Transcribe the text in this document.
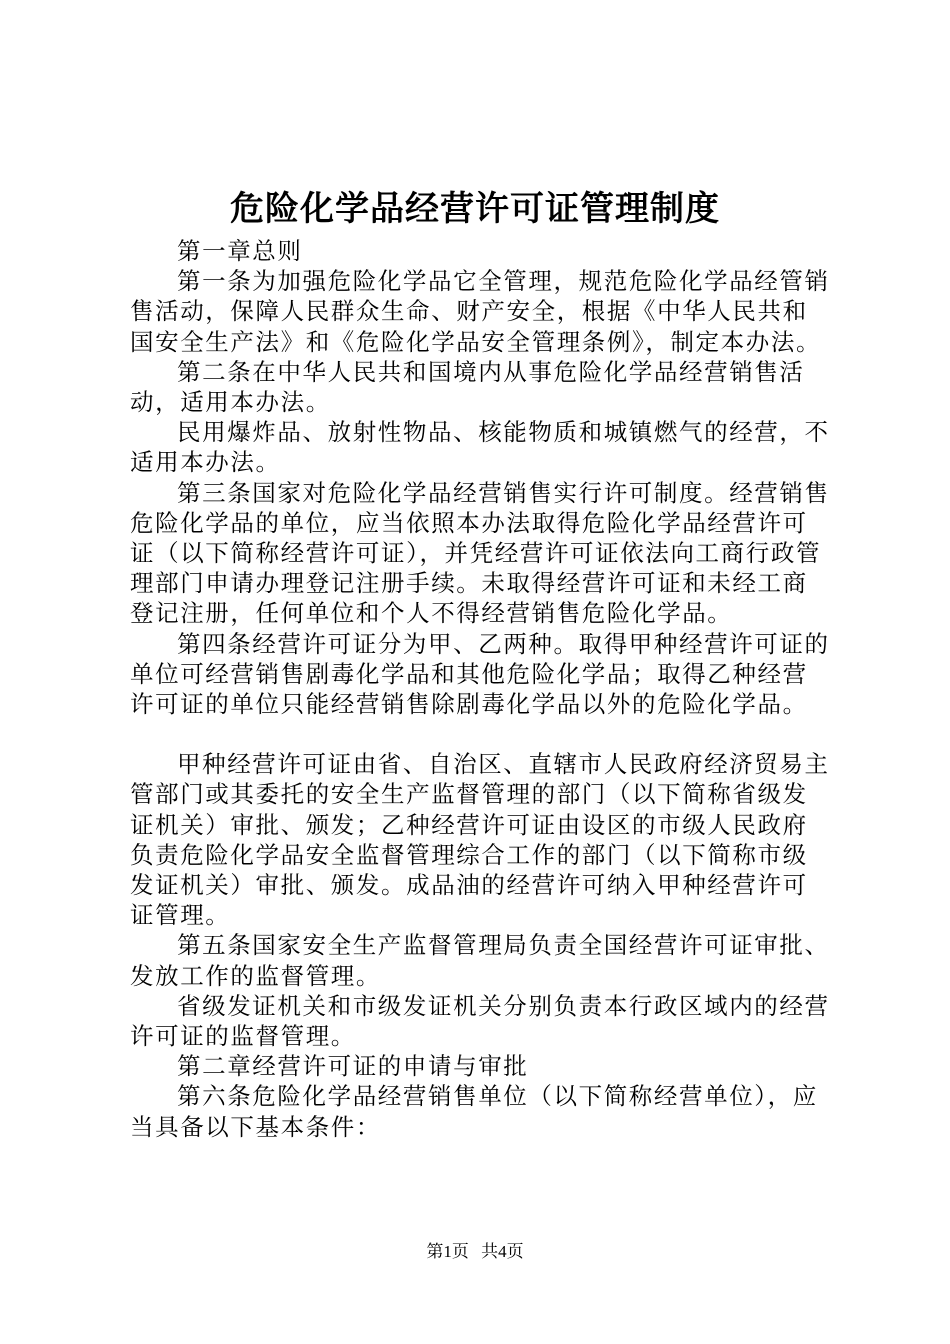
危险化学品经营许可证管理制度

第一章总则

第一条为加强危险化学品它全管理，规范危险化学品经管销售活动，保障人民群众生命、财产安全，根据《中华人民共和国安全生产法》和《危险化学品安全管理条例》，制定本办法。

第二条在中华人民共和国境内从事危险化学品经营销售活动，适用本办法。

民用爆炸品、放射性物品、核能物质和城镇燃气的经营，不适用本办法。

第三条国家对危险化学品经营销售实行许可制度。经营销售危险化学品的单位，应当依照本办法取得危险化学品经营许可证（以下简称经营许可证），并凭经营许可证依法向工商行政管理部门申请办理登记注册手续。未取得经营许可证和未经工商登记注册，任何单位和个人不得经营销售危险化学品。

第四条经营许可证分为甲、乙两种。取得甲种经营许可证的单位可经营销售剧毒化学品和其他危险化学品；取得乙种经营许可证的单位只能经营销售除剧毒化学品以外的危险化学品。

甲种经营许可证由省、自治区、直辖市人民政府经济贸易主管部门或其委托的安全生产监督管理的部门（以下简称省级发证机关）审批、颁发；乙种经营许可证由设区的市级人民政府负责危险化学品安全监督管理综合工作的部门（以下简称市级发证机关）审批、颁发。成品油的经营许可纳入甲种经营许可证管理。

第五条国家安全生产监督管理局负责全国经营许可证审批、发放工作的监督管理。

省级发证机关和市级发证机关分别负责本行政区域内的经营许可证的监督管理。

第二章经营许可证的申请与审批

第六条危险化学品经营销售单位（以下简称经营单位），应当具备以下基本条件：

第1页 共4页
